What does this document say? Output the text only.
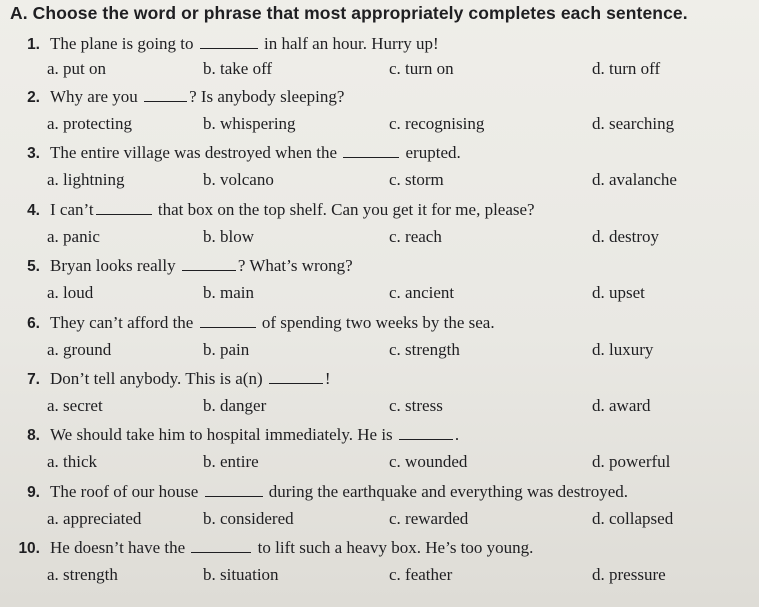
A. Choose the word or phrase that most appropriately completes each sentence.
1. The plane is going to	in half an hour. Hurry up!
a. put on	b. take off	c. turn on	d. turn off
2. Why are you	? Is anybody sleeping?
a. protecting	b. whispering	c. recognising	d. searching
3. The entire village was destroyed when the	erupted.
a. lightning	b. volcano	c. storm	d. avalanche
4. I can’t	that box on the top shelf. Can you get it for me, please?
a. panic	b. blow	c. reach	d. destroy
5. Bryan looks really	? What’s wrong?
a. loud	b. main	c. ancient	d. upset
6. They can’t afford the	of spending two weeks by the sea.
a. ground	b. pain	c. strength	d. luxury
7. Don’t tell anybody. This is a(n)	!
a. secret	b. danger	c. stress	d. award
8. We should take him to hospital immediately. He is	.
a. thick	b. entire	c. wounded	d. powerful
9. The roof of our house	during the earthquake and everything was destroyed.
a. appreciated	b. considered	c. rewarded	d. collapsed
10. He doesn’t have the	to lift such a heavy box. He’s too young.
a. strength	b. situation	c. feather	d. pressure
